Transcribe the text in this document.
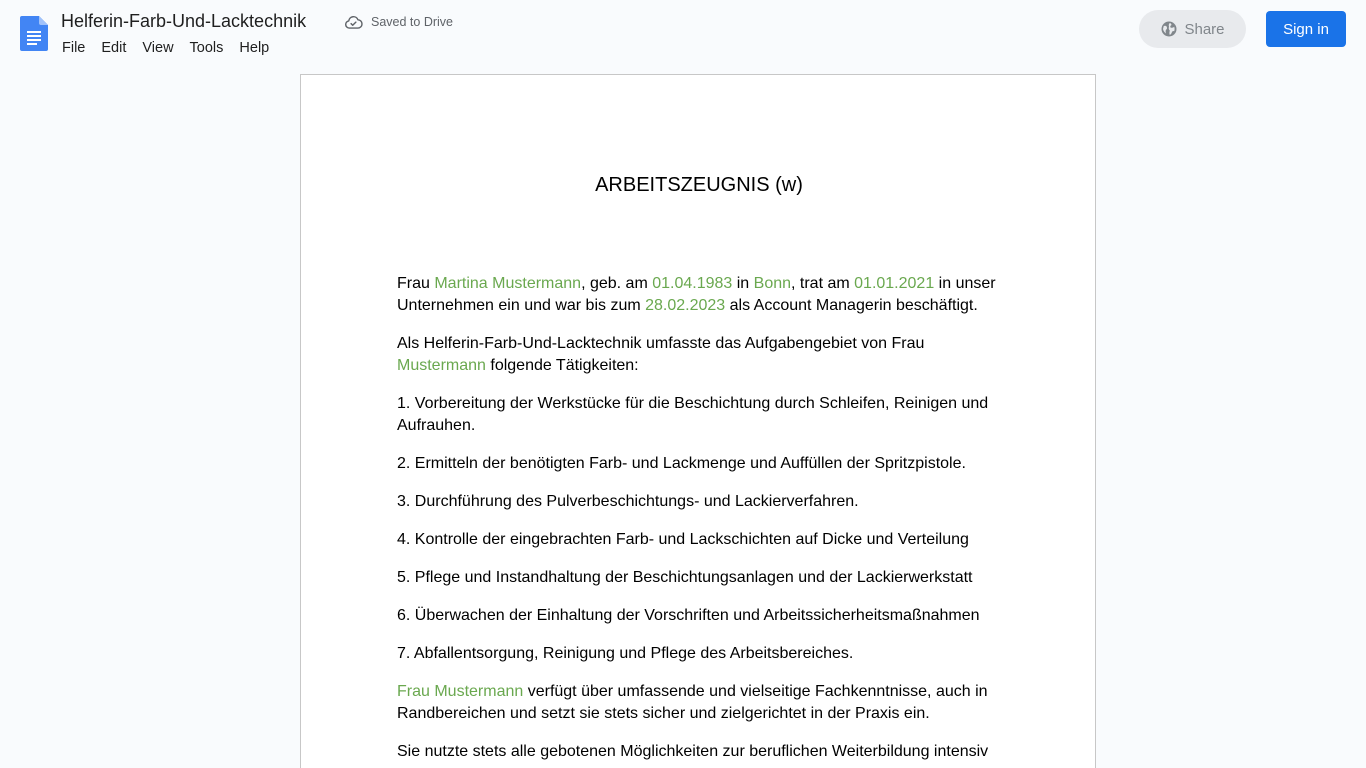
Helferin-Farb-Und-Lacktechnik	Saved to Drive
File	Edit	View	Tools	Help
Share	Sign in
ARBEITSZEUGNIS (w)
Frau Martina Mustermann, geb. am 01.04.1983 in Bonn, trat am 01.01.2021 in unser Unternehmen ein und war bis zum 28.02.2023 als Account Managerin beschäftigt.
Als Helferin-Farb-Und-Lacktechnik umfasste das Aufgabengebiet von Frau Mustermann folgende Tätigkeiten:
1. Vorbereitung der Werkstücke für die Beschichtung durch Schleifen, Reinigen und Aufrauhen.
2. Ermitteln der benötigten Farb- und Lackmenge und Auffüllen der Spritzpistole.
3. Durchführung des Pulverbeschichtungs- und Lackierverfahren.
4. Kontrolle der eingebrachten Farb- und Lackschichten auf Dicke und Verteilung
5. Pflege und Instandhaltung der Beschichtungsanlagen und der Lackierwerkstatt
6. Überwachen der Einhaltung der Vorschriften und Arbeitssicherheitsmaßnahmen
7. Abfallentsorgung, Reinigung und Pflege des Arbeitsbereiches.
Frau Mustermann verfügt über umfassende und vielseitige Fachkenntnisse, auch in Randbereichen und setzt sie stets sicher und zielgerichtet in der Praxis ein.
Sie nutzte stets alle gebotenen Möglichkeiten zur beruflichen Weiterbildung intensiv
